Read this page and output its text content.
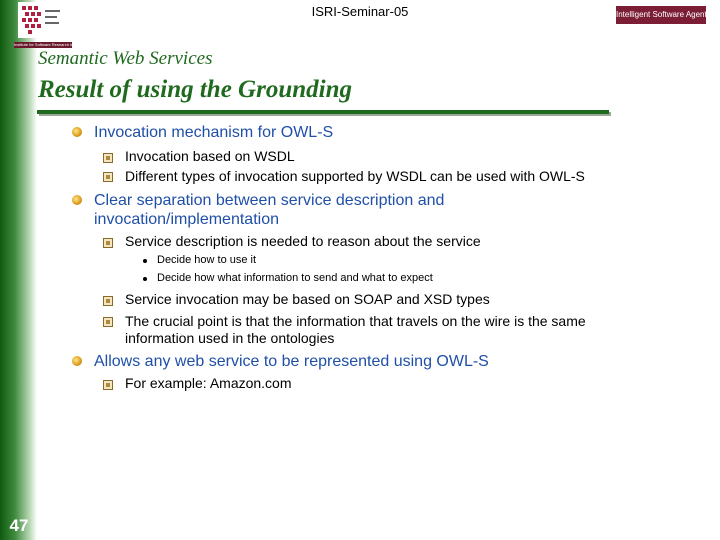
47
Institute for Software Research International
ISRI-Seminar-05	Intelligent Software Agents
Semantic Web Services
Result of using the Grounding
Invocation mechanism for OWL-S
Invocation based on WSDL
Different types of invocation supported by WSDL can be used with OWL-S
Clear separation between service description and
invocation/implementation
Service description is needed to reason about the service
Decide how to use it
Decide how what information to send and what to expect
Service invocation may be based on SOAP and XSD types
The crucial point is that the information that travels on the wire is the same
information used in the ontologies
Allows any web service to be represented using OWL-S
For example: Amazon.com
